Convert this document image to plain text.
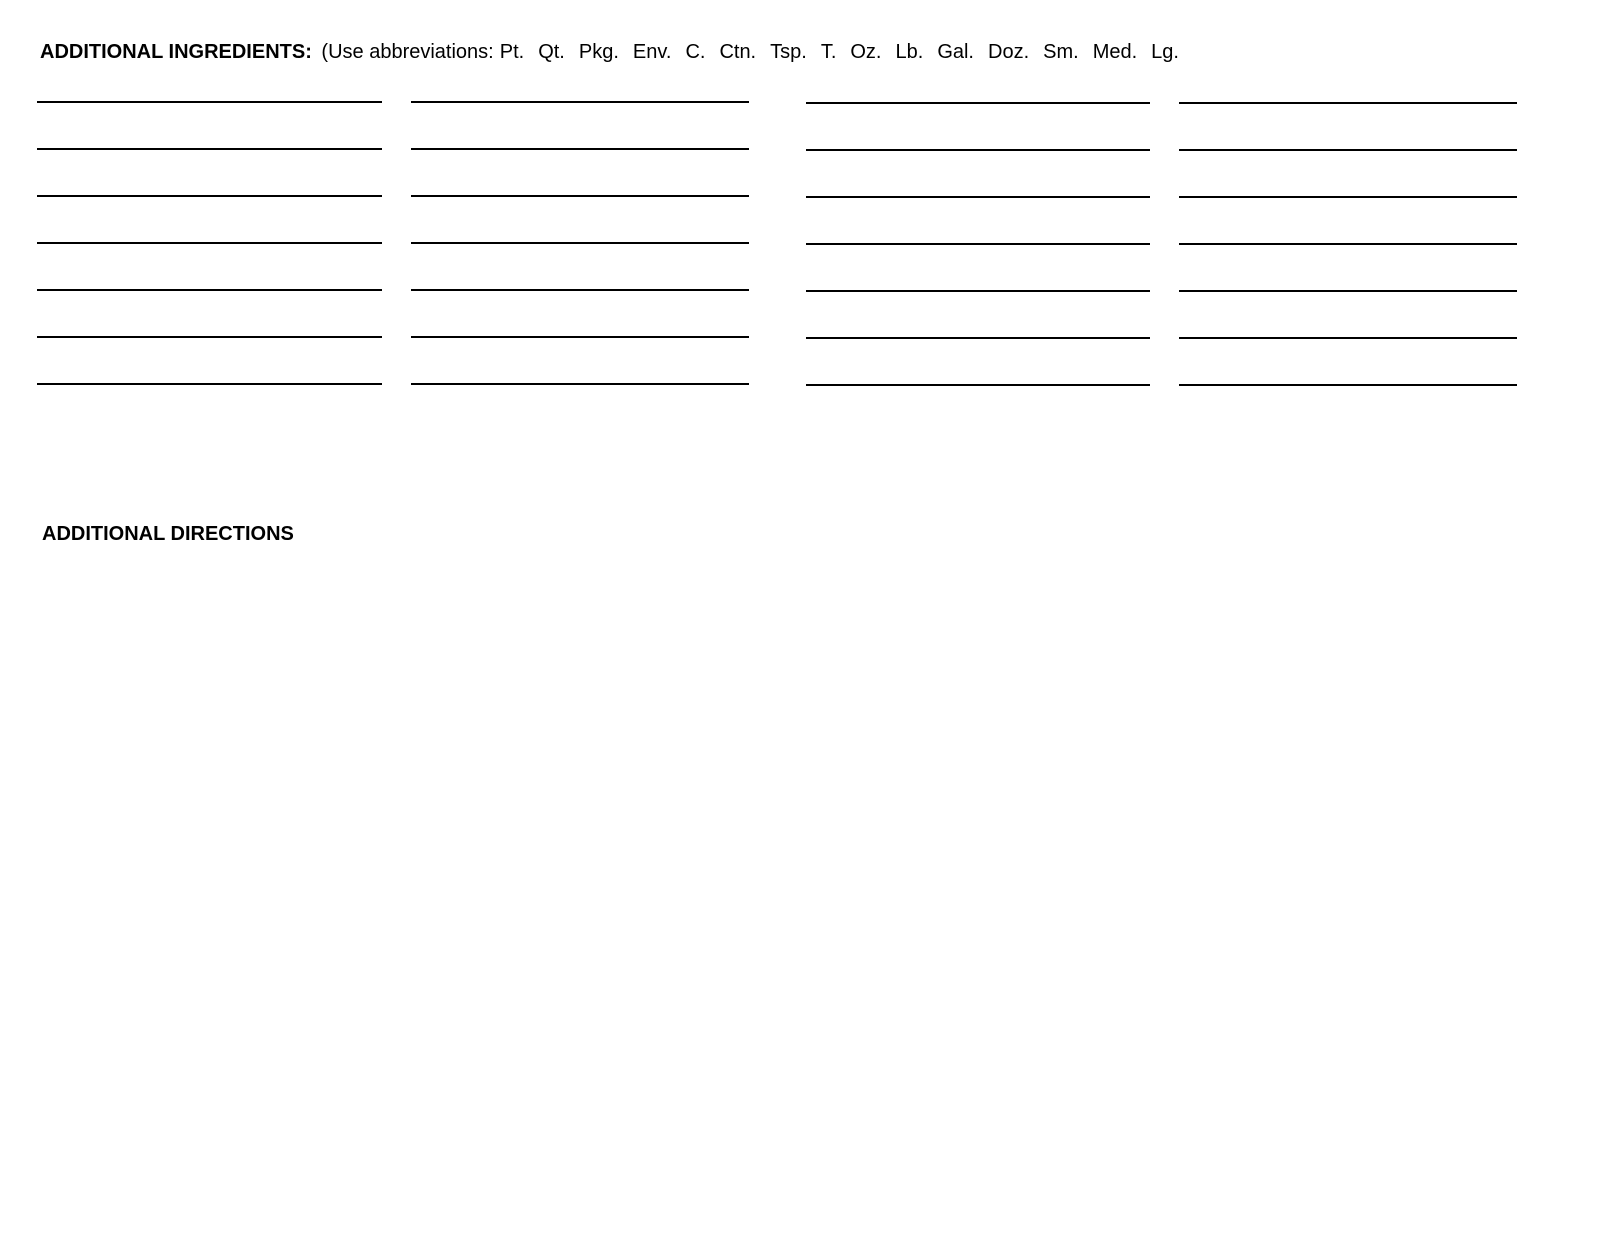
ADDITIONAL INGREDIENTS: (Use abbreviations: Pt. Qt. Pkg. Env. C. Ctn. Tsp. T. Oz. Lb. Gal. Doz. Sm. Med. Lg.
ADDITIONAL DIRECTIONS
